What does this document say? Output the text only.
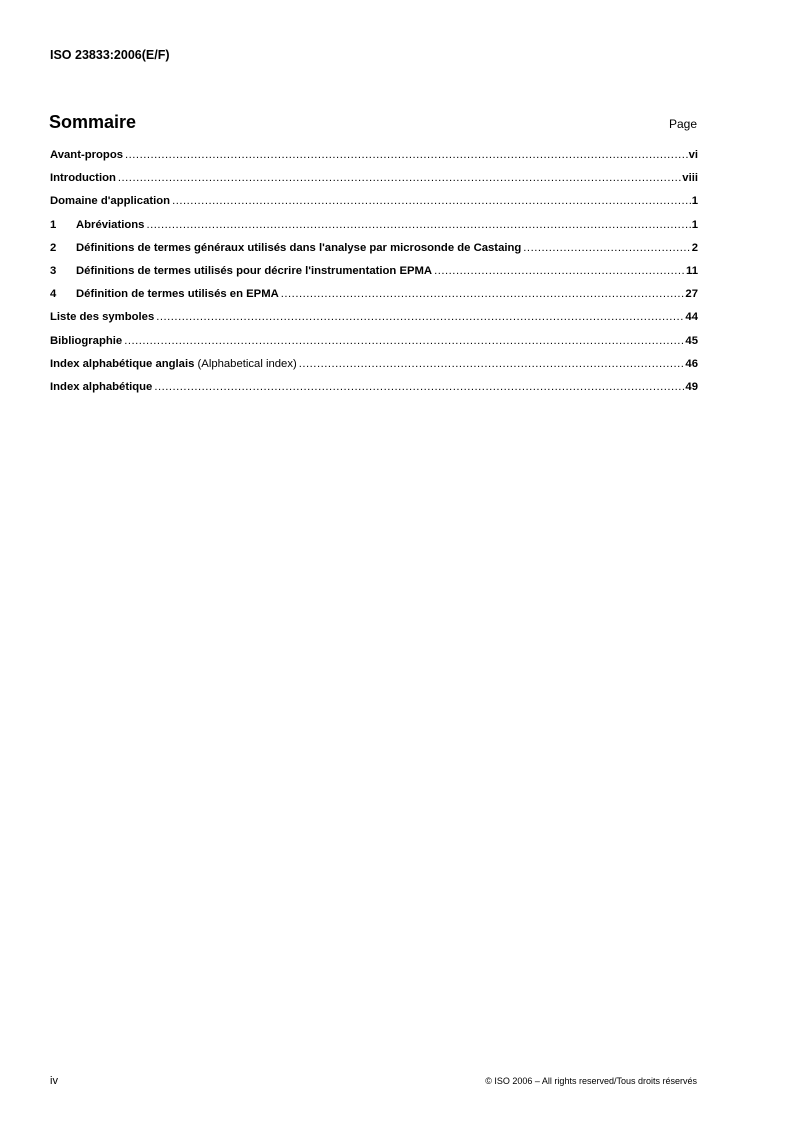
ISO 23833:2006(E/F)
Sommaire	Page
Avant-propos .....	vi
Introduction .....	viii
Domaine d'application .....	1
1	Abréviations .....	1
2	Définitions de termes généraux utilisés dans l'analyse par microsonde de Castaing .....	2
3	Définitions de termes utilisés pour décrire l'instrumentation EPMA .....	11
4	Définition de termes utilisés en EPMA .....	27
Liste des symboles .....	44
Bibliographie .....	45
Index alphabétique anglais (Alphabetical index) .....	46
Index alphabétique .....	49
iv	© ISO 2006 – All rights reserved/Tous droits réservés
